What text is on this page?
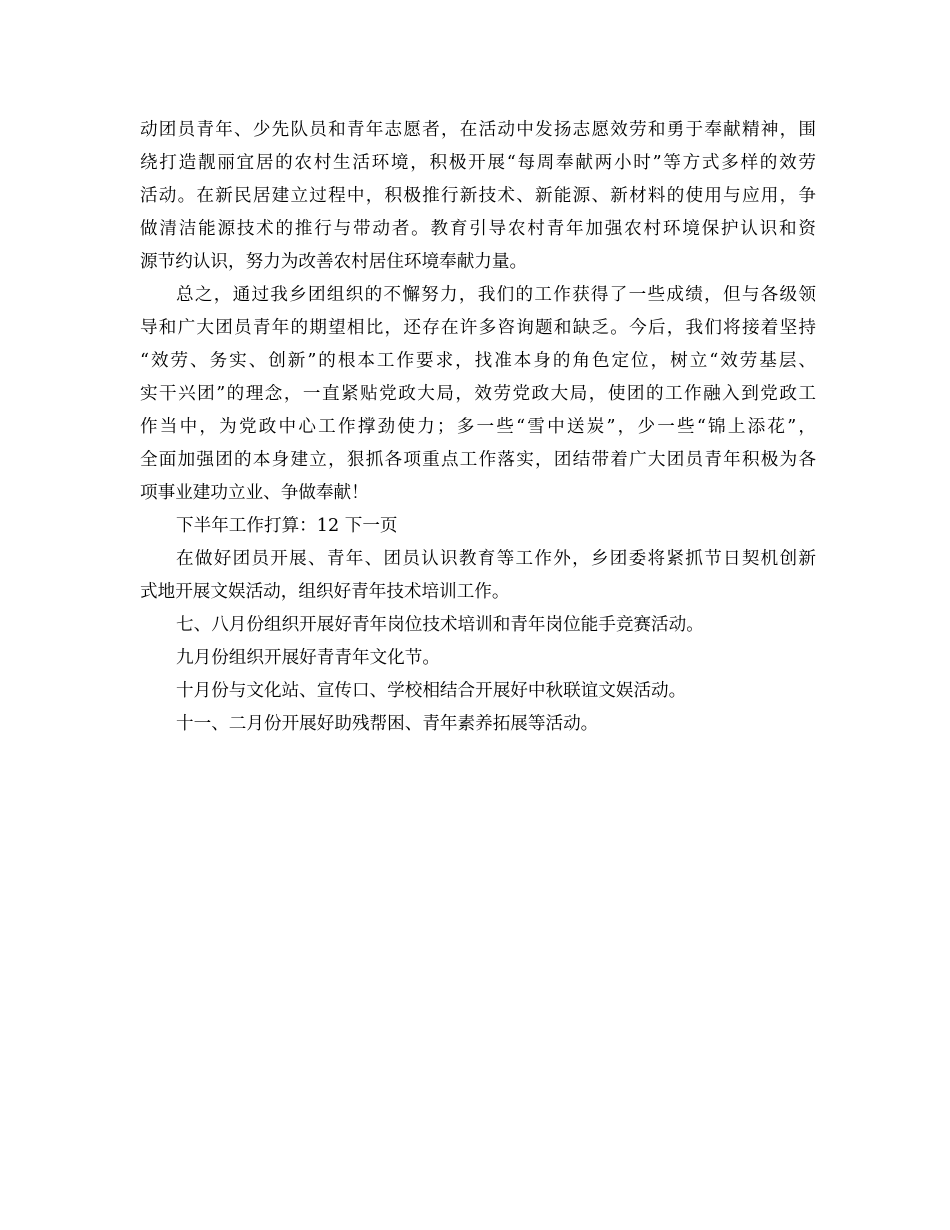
动团员青年、少先队员和青年志愿者，在活动中发扬志愿效劳和勇于奉献精神，围
绕打造靓丽宜居的农村生活环境，积极开展“每周奉献两小时”等方式多样的效劳
活动。在新民居建立过程中，积极推行新技术、新能源、新材料的使用与应用，争
做清洁能源技术的推行与带动者。教育引导农村青年加强农村环境保护认识和资
源节约认识，努力为改善农村居住环境奉献力量。
总之，通过我乡团组织的不懈努力，我们的工作获得了一些成绩，但与各级领
导和广大团员青年的期望相比，还存在许多咨询题和缺乏。今后，我们将接着坚持
“效劳、务实、创新”的根本工作要求，找准本身的角色定位，树立“效劳基层、
实干兴团”的理念，一直紧贴党政大局，效劳党政大局，使团的工作融入到党政工
作当中，为党政中心工作撑劲使力；多一些“雪中送炭”，少一些“锦上添花”，
全面加强团的本身建立，狠抓各项重点工作落实，团结带着广大团员青年积极为各
项事业建功立业、争做奉献！
下半年工作打算：12 下一页
在做好团员开展、青年、团员认识教育等工作外，乡团委将紧抓节日契机创新
式地开展文娱活动，组织好青年技术培训工作。
七、八月份组织开展好青年岗位技术培训和青年岗位能手竞赛活动。
九月份组织开展好青青年文化节。
十月份与文化站、宣传口、学校相结合开展好中秋联谊文娱活动。
十一、二月份开展好助残帮困、青年素养拓展等活动。
